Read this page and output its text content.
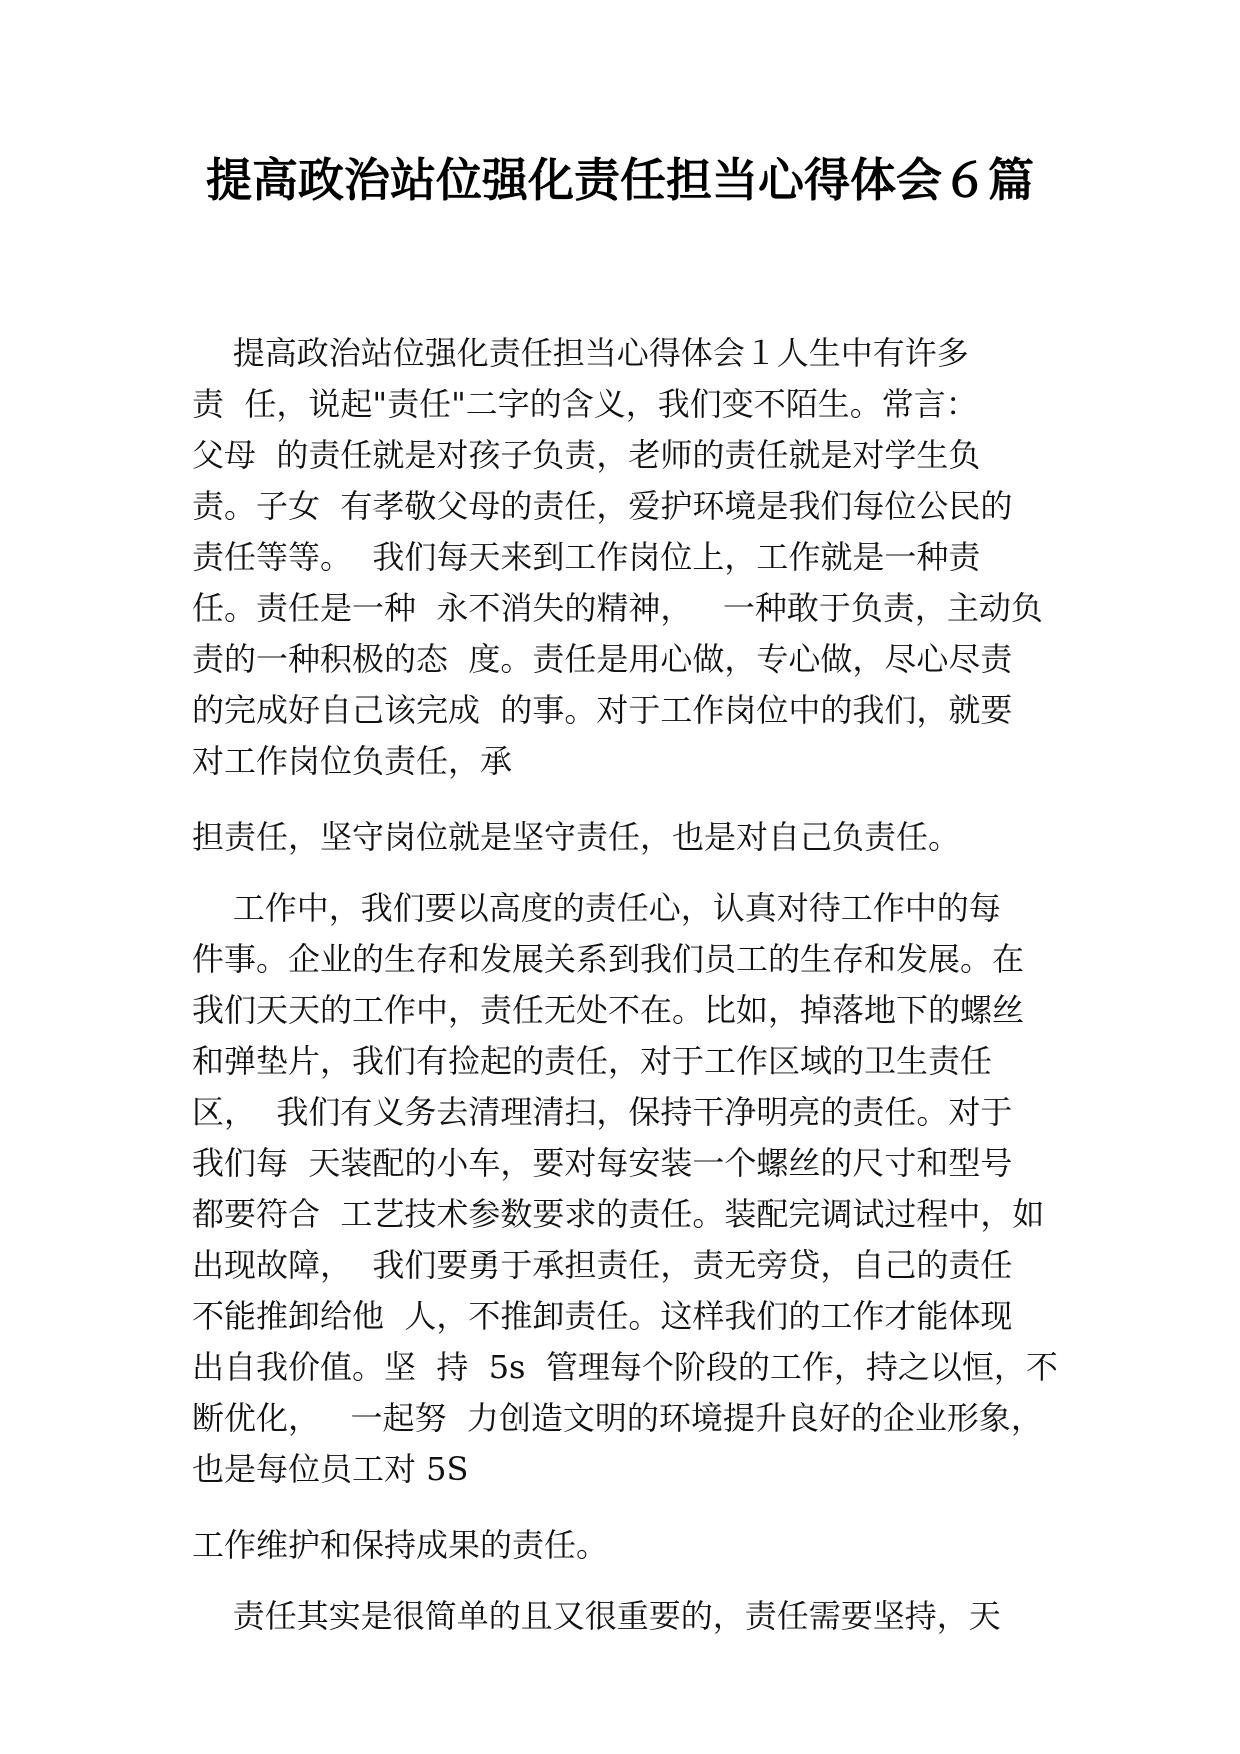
提高政治站位强化责任担当心得体会６篇
提高政治站位强化责任担当心得体会１人生中有许多
责  任，说起"责任"二字的含义，我们变不陌生。常言：
父母  的责任就是对孩子负责，老师的责任就是对学生负
责。子女  有孝敬父母的责任，爱护环境是我们每位公民的
责任等等。  我们每天来到工作岗位上，工作就是一种责
任。责任是一种  永不消失的精神，   一种敢于负责，主动负
责的一种积极的态  度。责任是用心做，专心做，尽心尽责
的完成好自己该完成  的事。对于工作岗位中的我们，就要
对工作岗位负责任，承
担责任，坚守岗位就是坚守责任，也是对自己负责任。
工作中，我们要以高度的责任心，认真对待工作中的每
件事。企业的生存和发展关系到我们员工的生存和发展。在
我们天天的工作中，责任无处不在。比如，掉落地下的螺丝
和弹垫片，我们有捡起的责任，对于工作区域的卫生责任
区，  我们有义务去清理清扫，保持干净明亮的责任。对于
我们每  天装配的小车，要对每安装一个螺丝的尺寸和型号
都要符合  工艺技术参数要求的责任。装配完调试过程中，如
出现故障，  我们要勇于承担责任，责无旁贷，自己的责任
不能推卸给他  人，不推卸责任。这样我们的工作才能体现
出自我价值。坚  持  5s  管理每个阶段的工作，持之以恒，不
断优化，   一起努  力创造文明的环境提升良好的企业形象，
也是每位员工对 5S
工作维护和保持成果的责任。
责任其实是很简单的且又很重要的，责任需要坚持，天
